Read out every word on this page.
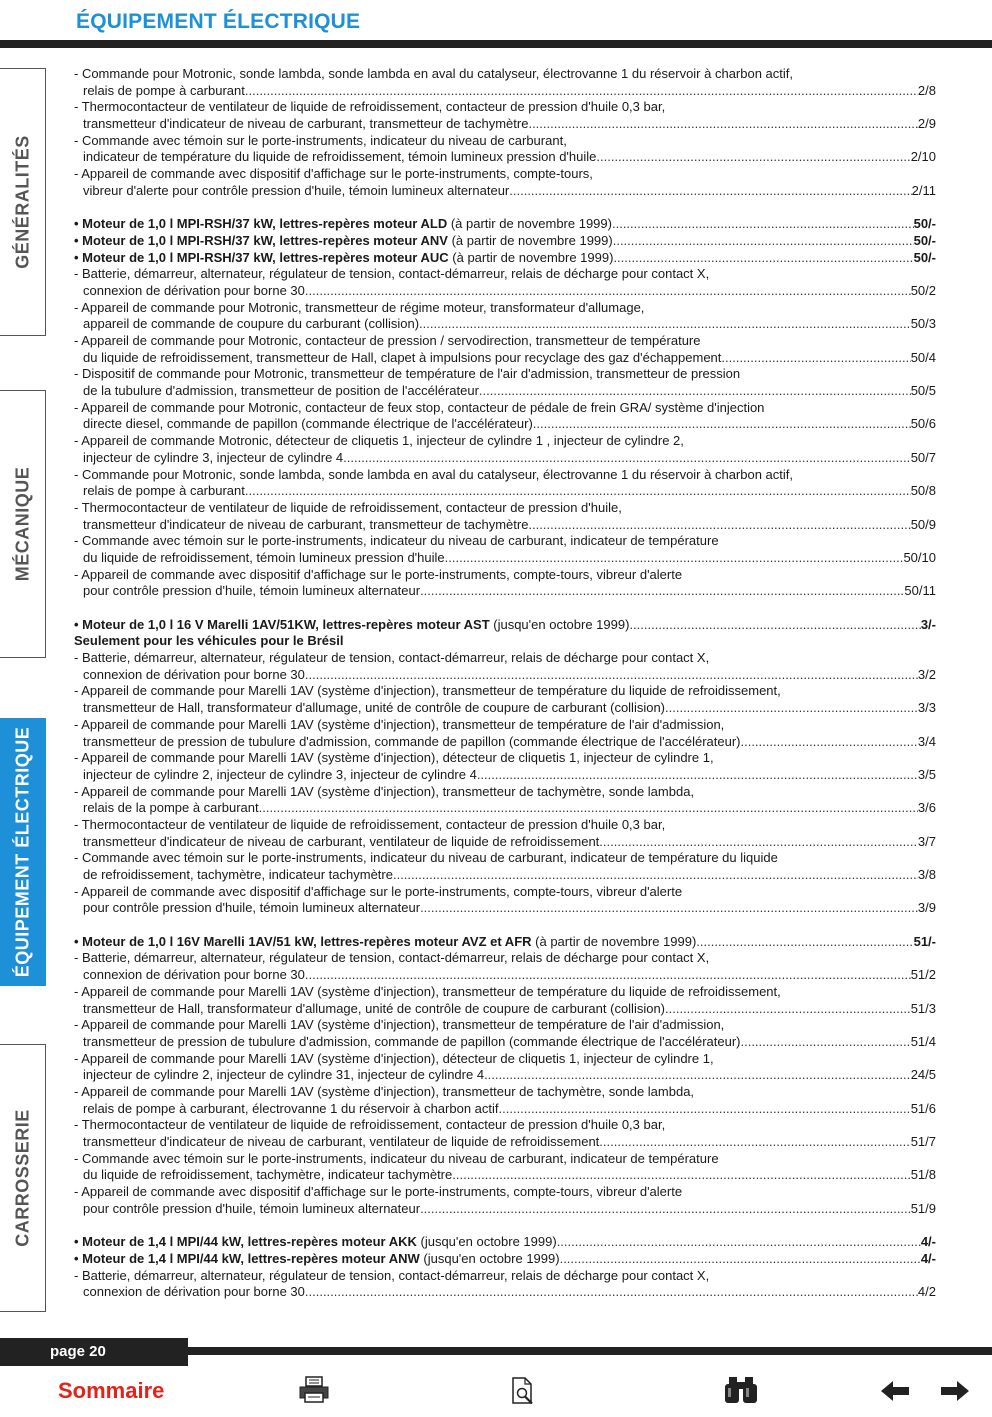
ÉQUIPEMENT ÉLECTRIQUE
GÉNÉRALITÉS
MÉCANIQUE
ÉQUIPEMENT ÉLECTRIQUE
CARROSSERIE
- Commande pour Motronic, sonde lambda, sonde lambda en aval du catalyseur, électrovanne 1 du réservoir à charbon actif,
relais de pompe à carburant .....	2/8
- Thermocontacteur de ventilateur de liquide de refroidissement, contacteur de pression d'huile 0,3 bar,
transmetteur d'indicateur de niveau de carburant, transmetteur de tachymètre .....	2/9
- Commande avec témoin sur le porte-instruments, indicateur du niveau de carburant,
indicateur de température du liquide de refroidissement, témoin lumineux pression d'huile .....	2/10
- Appareil de commande avec dispositif d'affichage sur le porte-instruments, compte-tours,
vibreur d'alerte pour contrôle pression d'huile, témoin lumineux alternateur .....	2/11
• Moteur de 1,0 l MPI-RSH/37 kW, lettres-repères moteur ALD (à partir de novembre 1999) .....	50/-
• Moteur de 1,0 l MPI-RSH/37 kW, lettres-repères moteur ANV (à partir de novembre 1999) .....	50/-
• Moteur de 1,0 l MPI-RSH/37 kW, lettres-repères moteur AUC (à partir de novembre 1999) .....	50/-
- Batterie, démarreur, alternateur, régulateur de tension, contact-démarreur, relais de décharge pour contact X,
connexion de dérivation pour borne 30 .....	50/2
- Appareil de commande pour Motronic, transmetteur de régime moteur, transformateur d'allumage,
appareil de commande de coupure du carburant (collision) .....	50/3
- Appareil de commande pour Motronic, contacteur de pression / servodirection, transmetteur de température
du liquide de refroidissement, transmetteur de Hall, clapet à impulsions pour recyclage des gaz d'échappement .....	50/4
- Dispositif de commande pour Motronic, transmetteur de température de l'air d'admission, transmetteur de pression
de la tubulure d'admission, transmetteur de position de l'accélérateur .....	50/5
- Appareil de commande pour Motronic, contacteur de feux stop, contacteur de pédale de frein GRA/ système d'injection
directe diesel, commande de papillon (commande électrique de l'accélérateur) .....	50/6
- Appareil de commande Motronic, détecteur de cliquetis 1, injecteur de cylindre 1 , injecteur de cylindre 2,
injecteur de cylindre 3, injecteur de cylindre 4 .....	50/7
- Commande pour Motronic, sonde lambda, sonde lambda en aval du catalyseur, électrovanne 1 du réservoir à charbon actif,
relais de pompe à carburant .....	50/8
- Thermocontacteur de ventilateur de liquide de refroidissement, contacteur de pression d'huile,
transmetteur d'indicateur de niveau de carburant, transmetteur de tachymètre .....	50/9
- Commande avec témoin sur le porte-instruments, indicateur du niveau de carburant, indicateur de température
du liquide de refroidissement, témoin lumineux pression d'huile .....	50/10
- Appareil de commande avec dispositif d'affichage sur le porte-instruments, compte-tours, vibreur d'alerte
pour contrôle pression d'huile, témoin lumineux alternateur .....	50/11
• Moteur de 1,0 l 16 V Marelli 1AV/51KW, lettres-repères moteur AST (jusqu'en octobre 1999) .....	3/-
Seulement pour les véhicules pour le Brésil
- Batterie, démarreur, alternateur, régulateur de tension, contact-démarreur, relais de décharge pour contact X,
connexion de dérivation pour borne 30 .....	3/2
- Appareil de commande pour Marelli 1AV (système d'injection), transmetteur de température du liquide de refroidissement,
transmetteur de Hall, transformateur d'allumage, unité de contrôle de coupure de carburant (collision) .....	3/3
- Appareil de commande pour Marelli 1AV (système d'injection), transmetteur de température de l'air d'admission,
transmetteur de pression de tubulure d'admission, commande de papillon (commande électrique de l'accélérateur) .....	3/4
- Appareil de commande pour Marelli 1AV (système d'injection), détecteur de cliquetis 1, injecteur de cylindre 1,
injecteur de cylindre 2, injecteur de cylindre 3, injecteur de cylindre 4 .....	3/5
- Appareil de commande pour Marelli 1AV (système d'injection), transmetteur de tachymètre, sonde lambda,
relais de la pompe à carburant .....	3/6
- Thermocontacteur de ventilateur de liquide de refroidissement, contacteur de pression d'huile 0,3 bar,
transmetteur d'indicateur de niveau de carburant, ventilateur de liquide de refroidissement .....	3/7
- Commande avec témoin sur le porte-instruments, indicateur du niveau de carburant, indicateur de température du liquide
de refroidissement, tachymètre, indicateur tachymètre .....	3/8
- Appareil de commande avec dispositif d'affichage sur le porte-instruments, compte-tours, vibreur d'alerte
pour contrôle pression d'huile, témoin lumineux alternateur .....	3/9
• Moteur de 1,0 l 16V Marelli 1AV/51 kW, lettres-repères moteur AVZ et AFR (à partir de novembre 1999) .....	51/-
- Batterie, démarreur, alternateur, régulateur de tension, contact-démarreur, relais de décharge pour contact X,
connexion de dérivation pour borne 30 .....	51/2
- Appareil de commande pour Marelli 1AV (système d'injection), transmetteur de température du liquide de refroidissement,
transmetteur de Hall, transformateur d'allumage, unité de contrôle de coupure de carburant (collision) .....	51/3
- Appareil de commande pour Marelli 1AV (système d'injection), transmetteur de température de l'air d'admission,
transmetteur de pression de tubulure d'admission, commande de papillon (commande électrique de l'accélérateur) .....	51/4
- Appareil de commande pour Marelli 1AV (système d'injection), détecteur de cliquetis 1, injecteur de cylindre 1,
injecteur de cylindre 2, injecteur de cylindre 31, injecteur de cylindre 4 .....	24/5
- Appareil de commande pour Marelli 1AV (système d'injection), transmetteur de tachymètre, sonde lambda,
relais de pompe à carburant, électrovanne 1 du réservoir à charbon actif .....	51/6
- Thermocontacteur de ventilateur de liquide de refroidissement, contacteur de pression d'huile 0,3 bar,
transmetteur d'indicateur de niveau de carburant, ventilateur de liquide de refroidissement .....	51/7
- Commande avec témoin sur le porte-instruments, indicateur du niveau de carburant, indicateur de température
du liquide de refroidissement, tachymètre, indicateur tachymètre .....	51/8
- Appareil de commande avec dispositif d'affichage sur le porte-instruments, compte-tours, vibreur d'alerte
pour contrôle pression d'huile, témoin lumineux alternateur .....	51/9
• Moteur de 1,4 l MPI/44 kW, lettres-repères moteur AKK (jusqu'en octobre 1999) .....	4/-
• Moteur de 1,4 l MPI/44 kW, lettres-repères moteur ANW (jusqu'en octobre 1999) .....	4/-
- Batterie, démarreur, alternateur, régulateur de tension, contact-démarreur, relais de décharge pour contact X,
connexion de dérivation pour borne 30 .....	4/2
page 20
Sommaire
